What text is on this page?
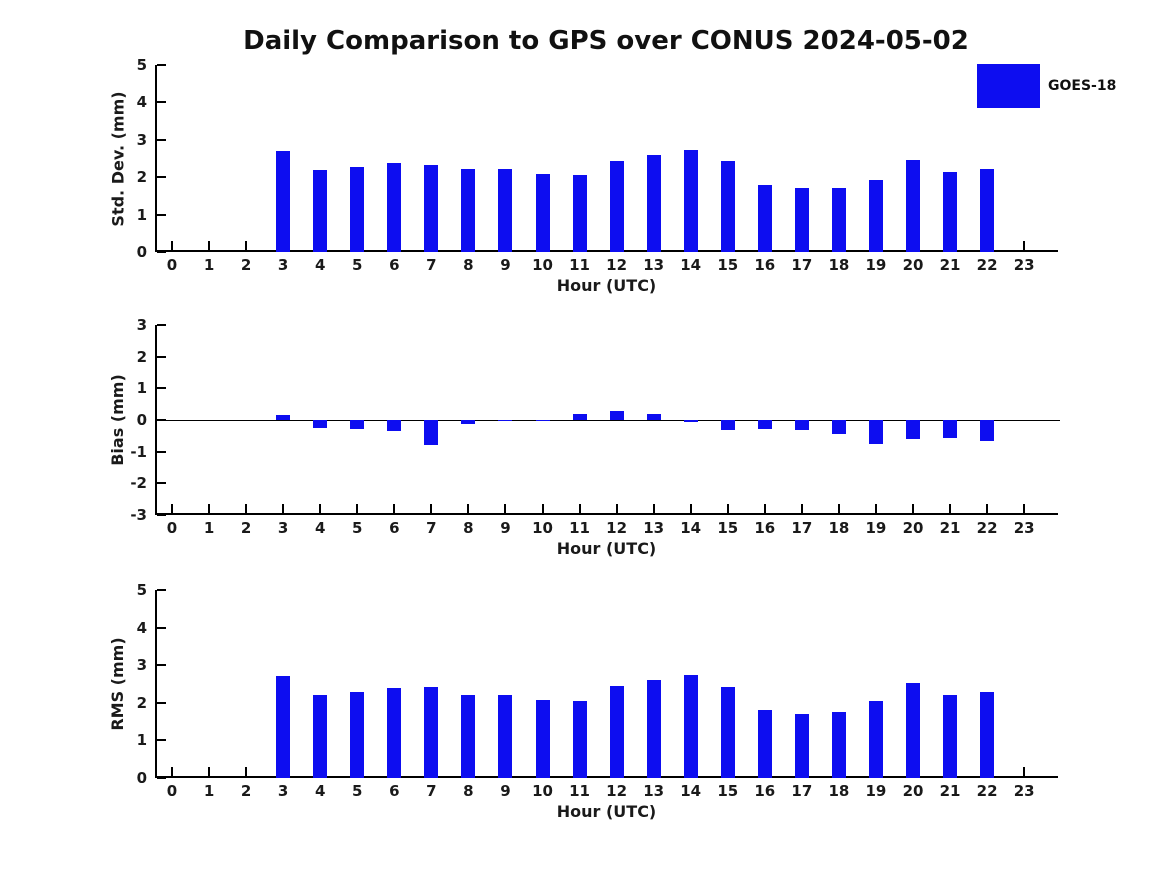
Daily Comparison to GPS over CONUS 2024-05-02
GOES-18
Std. Dev. (mm)
0
1
2
3
4
5
0	1	2	3	4	5	6	7	8	9	10	11	12	13	14	15	16	17	18	19	20	21	22	23
Hour (UTC)
Bias (mm)
-3
-2
-1
0
1
2
3
0	1	2	3	4	5	6	7	8	9	10	11	12	13	14	15	16	17	18	19	20	21	22	23
Hour (UTC)
RMS (mm)
0
1
2
3
4
5
0	1	2	3	4	5	6	7	8	9	10	11	12	13	14	15	16	17	18	19	20	21	22	23
Hour (UTC)
